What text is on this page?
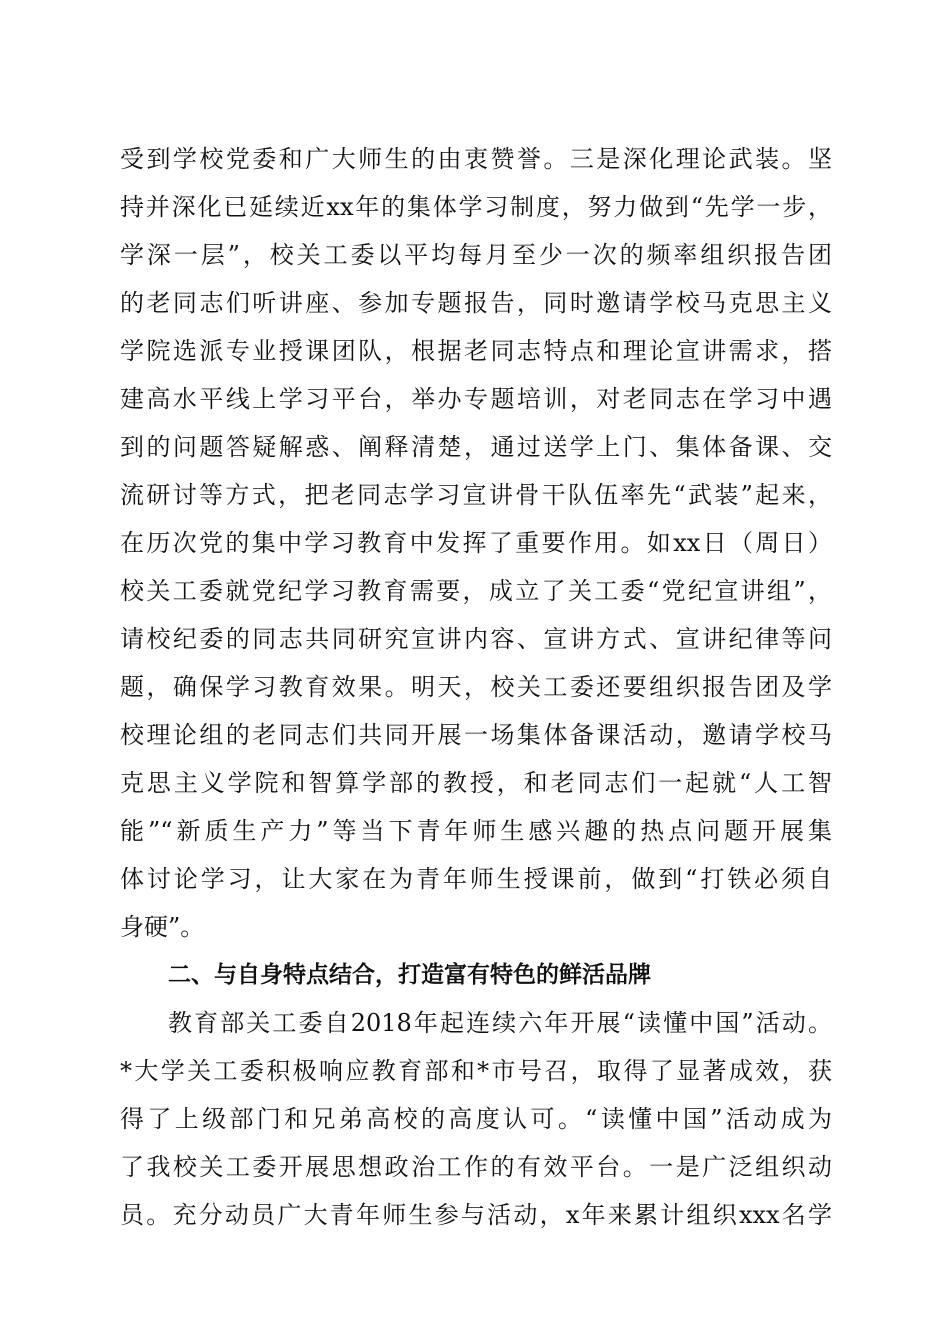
受到学校党委和广大师生的由衷赞誉。三是深化理论武装。坚
持并深化已延续近xx年的集体学习制度，努力做到“先学一步，
学深一层”，校关工委以平均每月至少一次的频率组织报告团
的老同志们听讲座、参加专题报告，同时邀请学校马克思主义
学院选派专业授课团队，根据老同志特点和理论宣讲需求，搭
建高水平线上学习平台，举办专题培训，对老同志在学习中遇
到的问题答疑解惑、阐释清楚，通过送学上门、集体备课、交
流研讨等方式，把老同志学习宣讲骨干队伍率先“武装”起来，
在历次党的集中学习教育中发挥了重要作用。如xx日（周日）
校关工委就党纪学习教育需要，成立了关工委“党纪宣讲组”，
请校纪委的同志共同研究宣讲内容、宣讲方式、宣讲纪律等问
题，确保学习教育效果。明天，校关工委还要组织报告团及学
校理论组的老同志们共同开展一场集体备课活动，邀请学校马
克思主义学院和智算学部的教授，和老同志们一起就“人工智
能”“新质生产力”等当下青年师生感兴趣的热点问题开展集
体讨论学习，让大家在为青年师生授课前，做到“打铁必须自
身硬”。
二、与自身特点结合，打造富有特色的鲜活品牌
教育部关工委自2018年起连续六年开展“读懂中国”活动。
*大学关工委积极响应教育部和*市号召，取得了显著成效，获
得了上级部门和兄弟高校的高度认可。“读懂中国”活动成为
了我校关工委开展思想政治工作的有效平台。一是广泛组织动
员。充分动员广大青年师生参与活动，x年来累计组织xxx名学
